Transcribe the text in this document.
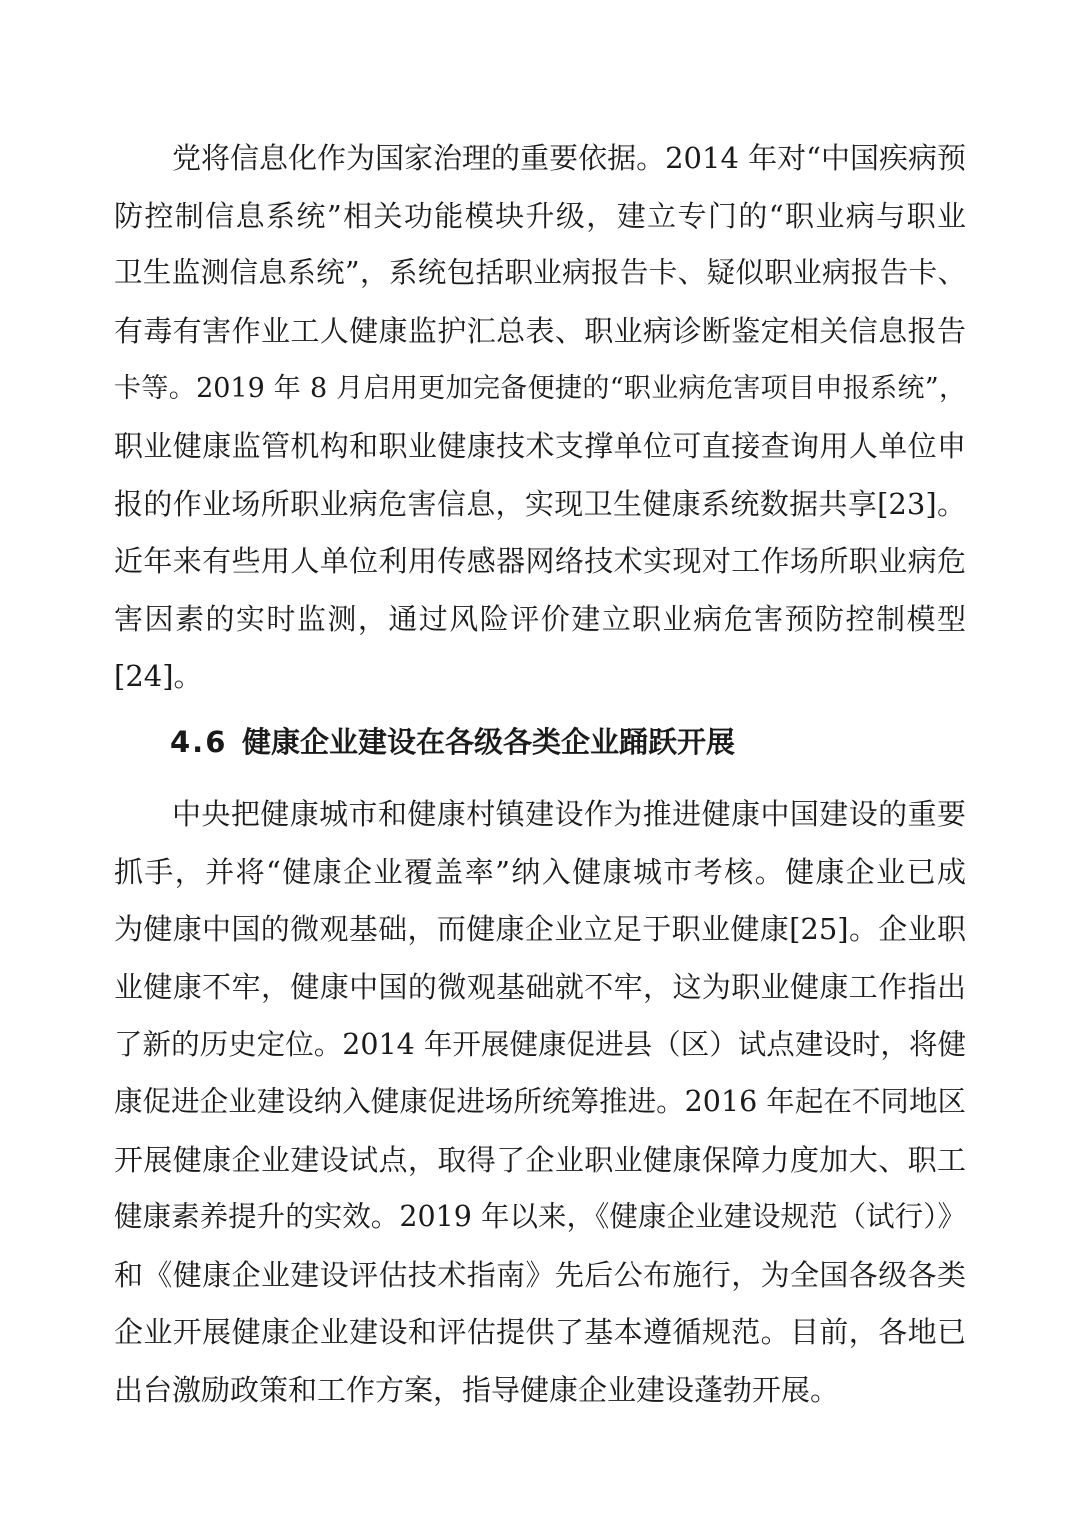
党将信息化作为国家治理的重要依据。2014 年对“中国疾病预
防控制信息系统”相关功能模块升级，建立专门的“职业病与职业
卫生监测信息系统”，系统包括职业病报告卡、疑似职业病报告卡、
有毒有害作业工人健康监护汇总表、职业病诊断鉴定相关信息报告
卡等。2019 年 8 月启用更加完备便捷的“职业病危害项目申报系统”，
职业健康监管机构和职业健康技术支撑单位可直接查询用人单位申
报的作业场所职业病危害信息，实现卫生健康系统数据共享[23]。
近年来有些用人单位利用传感器网络技术实现对工作场所职业病危
害因素的实时监测，通过风险评价建立职业病危害预防控制模型
[24]。
4.6 健康企业建设在各级各类企业踊跃开展
中央把健康城市和健康村镇建设作为推进健康中国建设的重要
抓手，并将“健康企业覆盖率”纳入健康城市考核。健康企业已成
为健康中国的微观基础，而健康企业立足于职业健康[25]。企业职
业健康不牢，健康中国的微观基础就不牢，这为职业健康工作指出
了新的历史定位。2014 年开展健康促进县（区）试点建设时，将健
康促进企业建设纳入健康促进场所统筹推进。2016 年起在不同地区
开展健康企业建设试点，取得了企业职业健康保障力度加大、职工
健康素养提升的实效。2019 年以来，《健康企业建设规范（试行）》
和《健康企业建设评估技术指南》先后公布施行，为全国各级各类
企业开展健康企业建设和评估提供了基本遵循规范。目前，各地已
出台激励政策和工作方案，指导健康企业建设蓬勃开展。
